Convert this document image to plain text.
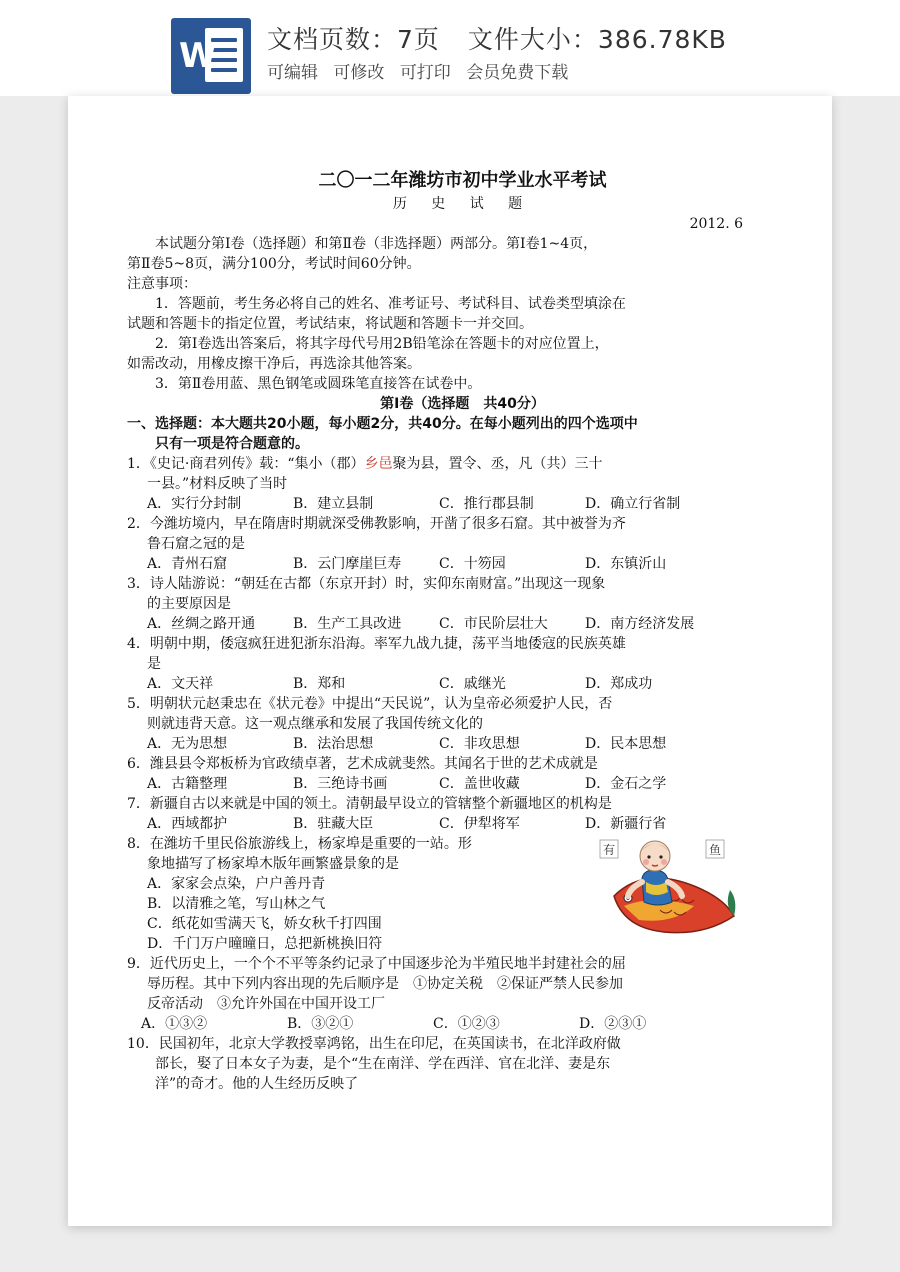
W 文档页数：7页 文件大小：386.78KB
可编辑 可修改 可打印 会员免费下载
二〇一二年潍坊市初中学业水平考试
历 史 试 题
2012. 6

本试题分第Ⅰ卷（选择题）和第Ⅱ卷（非选择题）两部分。第Ⅰ卷1~4页，

第Ⅱ卷5~8页，满分100分，考试时间60分钟。

注意事项：

1．答题前，考生务必将自己的姓名、准考证号、考试科目、试卷类型填涂在

试题和答题卡的指定位置，考试结束，将试题和答题卡一并交回。

2．第Ⅰ卷选出答案后，将其字母代号用2B铅笔涂在答题卡的对应位置上，

如需改动，用橡皮擦干净后，再选涂其他答案。

3．第Ⅱ卷用蓝、黑色钢笔或圆珠笔直接答在试卷中。

第Ⅰ卷（选择题　共40分）

一、选择题：本大题共20小题，每小题2分，共40分。在每小题列出的四个选项中

只有一项是符合题意的。

1．《史记·商君列传》载：“集小（郡）乡邑聚为县，置令、丞，凡（共）三十

一县。”材料反映了当时

A．实行分封制	B．建立县制	C．推行郡县制	D．确立行省制

2．今潍坊境内，早在隋唐时期就深受佛教影响，开凿了很多石窟。其中被誉为齐

鲁石窟之冠的是

A．青州石窟	B．云门摩崖巨寿	C．十笏园	D．东镇沂山

3．诗人陆游说：“朝廷在古都（东京开封）时，实仰东南财富。”出现这一现象

的主要原因是

A．丝绸之路开通	B．生产工具改进	C．市民阶层壮大	D．南方经济发展

4．明朝中期，倭寇疯狂进犯浙东沿海。率军九战九捷，荡平当地倭寇的民族英雄

是

A．文天祥	B．郑和	C．戚继光	D．郑成功

5．明朝状元赵秉忠在《状元卷》中提出“天民说”，认为皇帝必须爱护人民，否

则就违背天意。这一观点继承和发展了我国传统文化的

A．无为思想	B．法治思想	C．非攻思想	D．民本思想

6．潍县县令郑板桥为官政绩卓著，艺术成就斐然。其闻名于世的艺术成就是

A．古籍整理	B．三绝诗书画	C．盖世收藏	D．金石之学

7．新疆自古以来就是中国的领土。清朝最早设立的管辖整个新疆地区的机构是

A．西域都护	B．驻藏大臣	C．伊犁将军	D．新疆行省

8．在潍坊千里民俗旅游线上，杨家埠是重要的一站。形

象地描写了杨家埠木版年画繁盛景象的是

A．家家会点染，户户善丹青
B．以清雅之笔，写山林之气
C．纸花如雪满天飞，娇女秋千打四围
D．千门万户曈曈日，总把新桃换旧符

9．近代历史上，一个个不平等条约记录了中国逐步沦为半殖民地半封建社会的屈

辱历程。其中下列内容出现的先后顺序是　①协定关税　②保证严禁人民参加

反帝活动　③允许外国在中国开设工厂

A．①③②	B．③②①	C．①②③	D．②③①

10．民国初年，北京大学教授辜鸿铭，出生在印尼，在英国读书，在北洋政府做

部长，娶了日本女子为妻，是个“生在南洋、学在西洋、官在北洋、妻是东

洋”的奇才。他的人生经历反映了

有	鱼
